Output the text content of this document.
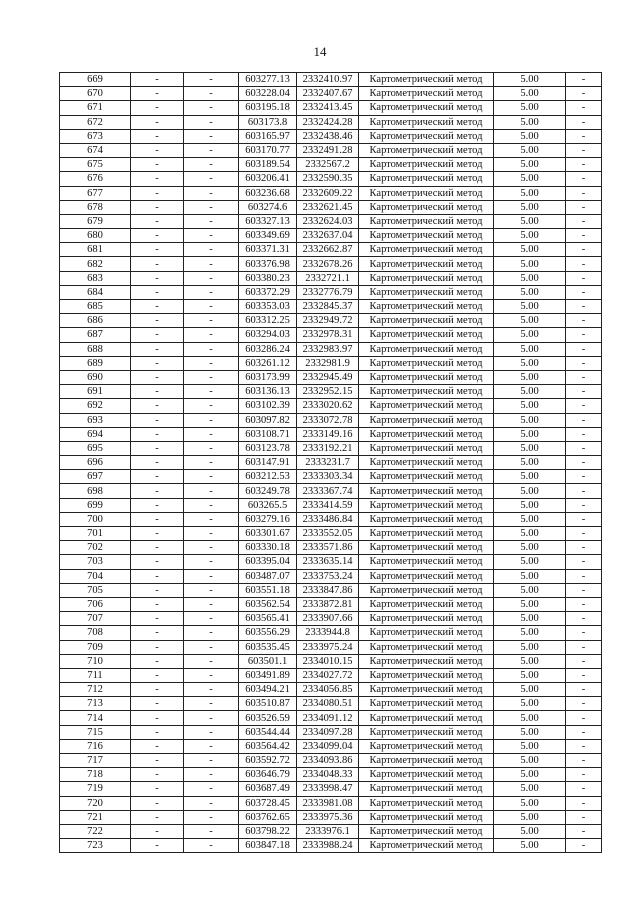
14
669	-	-	603277.13	2332410.97	Картометрический метод	5.00	-
670	-	-	603228.04	2332407.67	Картометрический метод	5.00	-
671	-	-	603195.18	2332413.45	Картометрический метод	5.00	-
672	-	-	603173.8	2332424.28	Картометрический метод	5.00	-
673	-	-	603165.97	2332438.46	Картометрический метод	5.00	-
674	-	-	603170.77	2332491.28	Картометрический метод	5.00	-
675	-	-	603189.54	2332567.2	Картометрический метод	5.00	-
676	-	-	603206.41	2332590.35	Картометрический метод	5.00	-
677	-	-	603236.68	2332609.22	Картометрический метод	5.00	-
678	-	-	603274.6	2332621.45	Картометрический метод	5.00	-
679	-	-	603327.13	2332624.03	Картометрический метод	5.00	-
680	-	-	603349.69	2332637.04	Картометрический метод	5.00	-
681	-	-	603371.31	2332662.87	Картометрический метод	5.00	-
682	-	-	603376.98	2332678.26	Картометрический метод	5.00	-
683	-	-	603380.23	2332721.1	Картометрический метод	5.00	-
684	-	-	603372.29	2332776.79	Картометрический метод	5.00	-
685	-	-	603353.03	2332845.37	Картометрический метод	5.00	-
686	-	-	603312.25	2332949.72	Картометрический метод	5.00	-
687	-	-	603294.03	2332978.31	Картометрический метод	5.00	-
688	-	-	603286.24	2332983.97	Картометрический метод	5.00	-
689	-	-	603261.12	2332981.9	Картометрический метод	5.00	-
690	-	-	603173.99	2332945.49	Картометрический метод	5.00	-
691	-	-	603136.13	2332952.15	Картометрический метод	5.00	-
692	-	-	603102.39	2333020.62	Картометрический метод	5.00	-
693	-	-	603097.82	2333072.78	Картометрический метод	5.00	-
694	-	-	603108.71	2333149.16	Картометрический метод	5.00	-
695	-	-	603123.78	2333192.21	Картометрический метод	5.00	-
696	-	-	603147.91	2333231.7	Картометрический метод	5.00	-
697	-	-	603212.53	2333303.34	Картометрический метод	5.00	-
698	-	-	603249.78	2333367.74	Картометрический метод	5.00	-
699	-	-	603265.5	2333414.59	Картометрический метод	5.00	-
700	-	-	603279.16	2333486.84	Картометрический метод	5.00	-
701	-	-	603301.67	2333552.05	Картометрический метод	5.00	-
702	-	-	603330.18	2333571.86	Картометрический метод	5.00	-
703	-	-	603395.04	2333635.14	Картометрический метод	5.00	-
704	-	-	603487.07	2333753.24	Картометрический метод	5.00	-
705	-	-	603551.18	2333847.86	Картометрический метод	5.00	-
706	-	-	603562.54	2333872.81	Картометрический метод	5.00	-
707	-	-	603565.41	2333907.66	Картометрический метод	5.00	-
708	-	-	603556.29	2333944.8	Картометрический метод	5.00	-
709	-	-	603535.45	2333975.24	Картометрический метод	5.00	-
710	-	-	603501.1	2334010.15	Картометрический метод	5.00	-
711	-	-	603491.89	2334027.72	Картометрический метод	5.00	-
712	-	-	603494.21	2334056.85	Картометрический метод	5.00	-
713	-	-	603510.87	2334080.51	Картометрический метод	5.00	-
714	-	-	603526.59	2334091.12	Картометрический метод	5.00	-
715	-	-	603544.44	2334097.28	Картометрический метод	5.00	-
716	-	-	603564.42	2334099.04	Картометрический метод	5.00	-
717	-	-	603592.72	2334093.86	Картометрический метод	5.00	-
718	-	-	603646.79	2334048.33	Картометрический метод	5.00	-
719	-	-	603687.49	2333998.47	Картометрический метод	5.00	-
720	-	-	603728.45	2333981.08	Картометрический метод	5.00	-
721	-	-	603762.65	2333975.36	Картометрический метод	5.00	-
722	-	-	603798.22	2333976.1	Картометрический метод	5.00	-
723	-	-	603847.18	2333988.24	Картометрический метод	5.00	-
